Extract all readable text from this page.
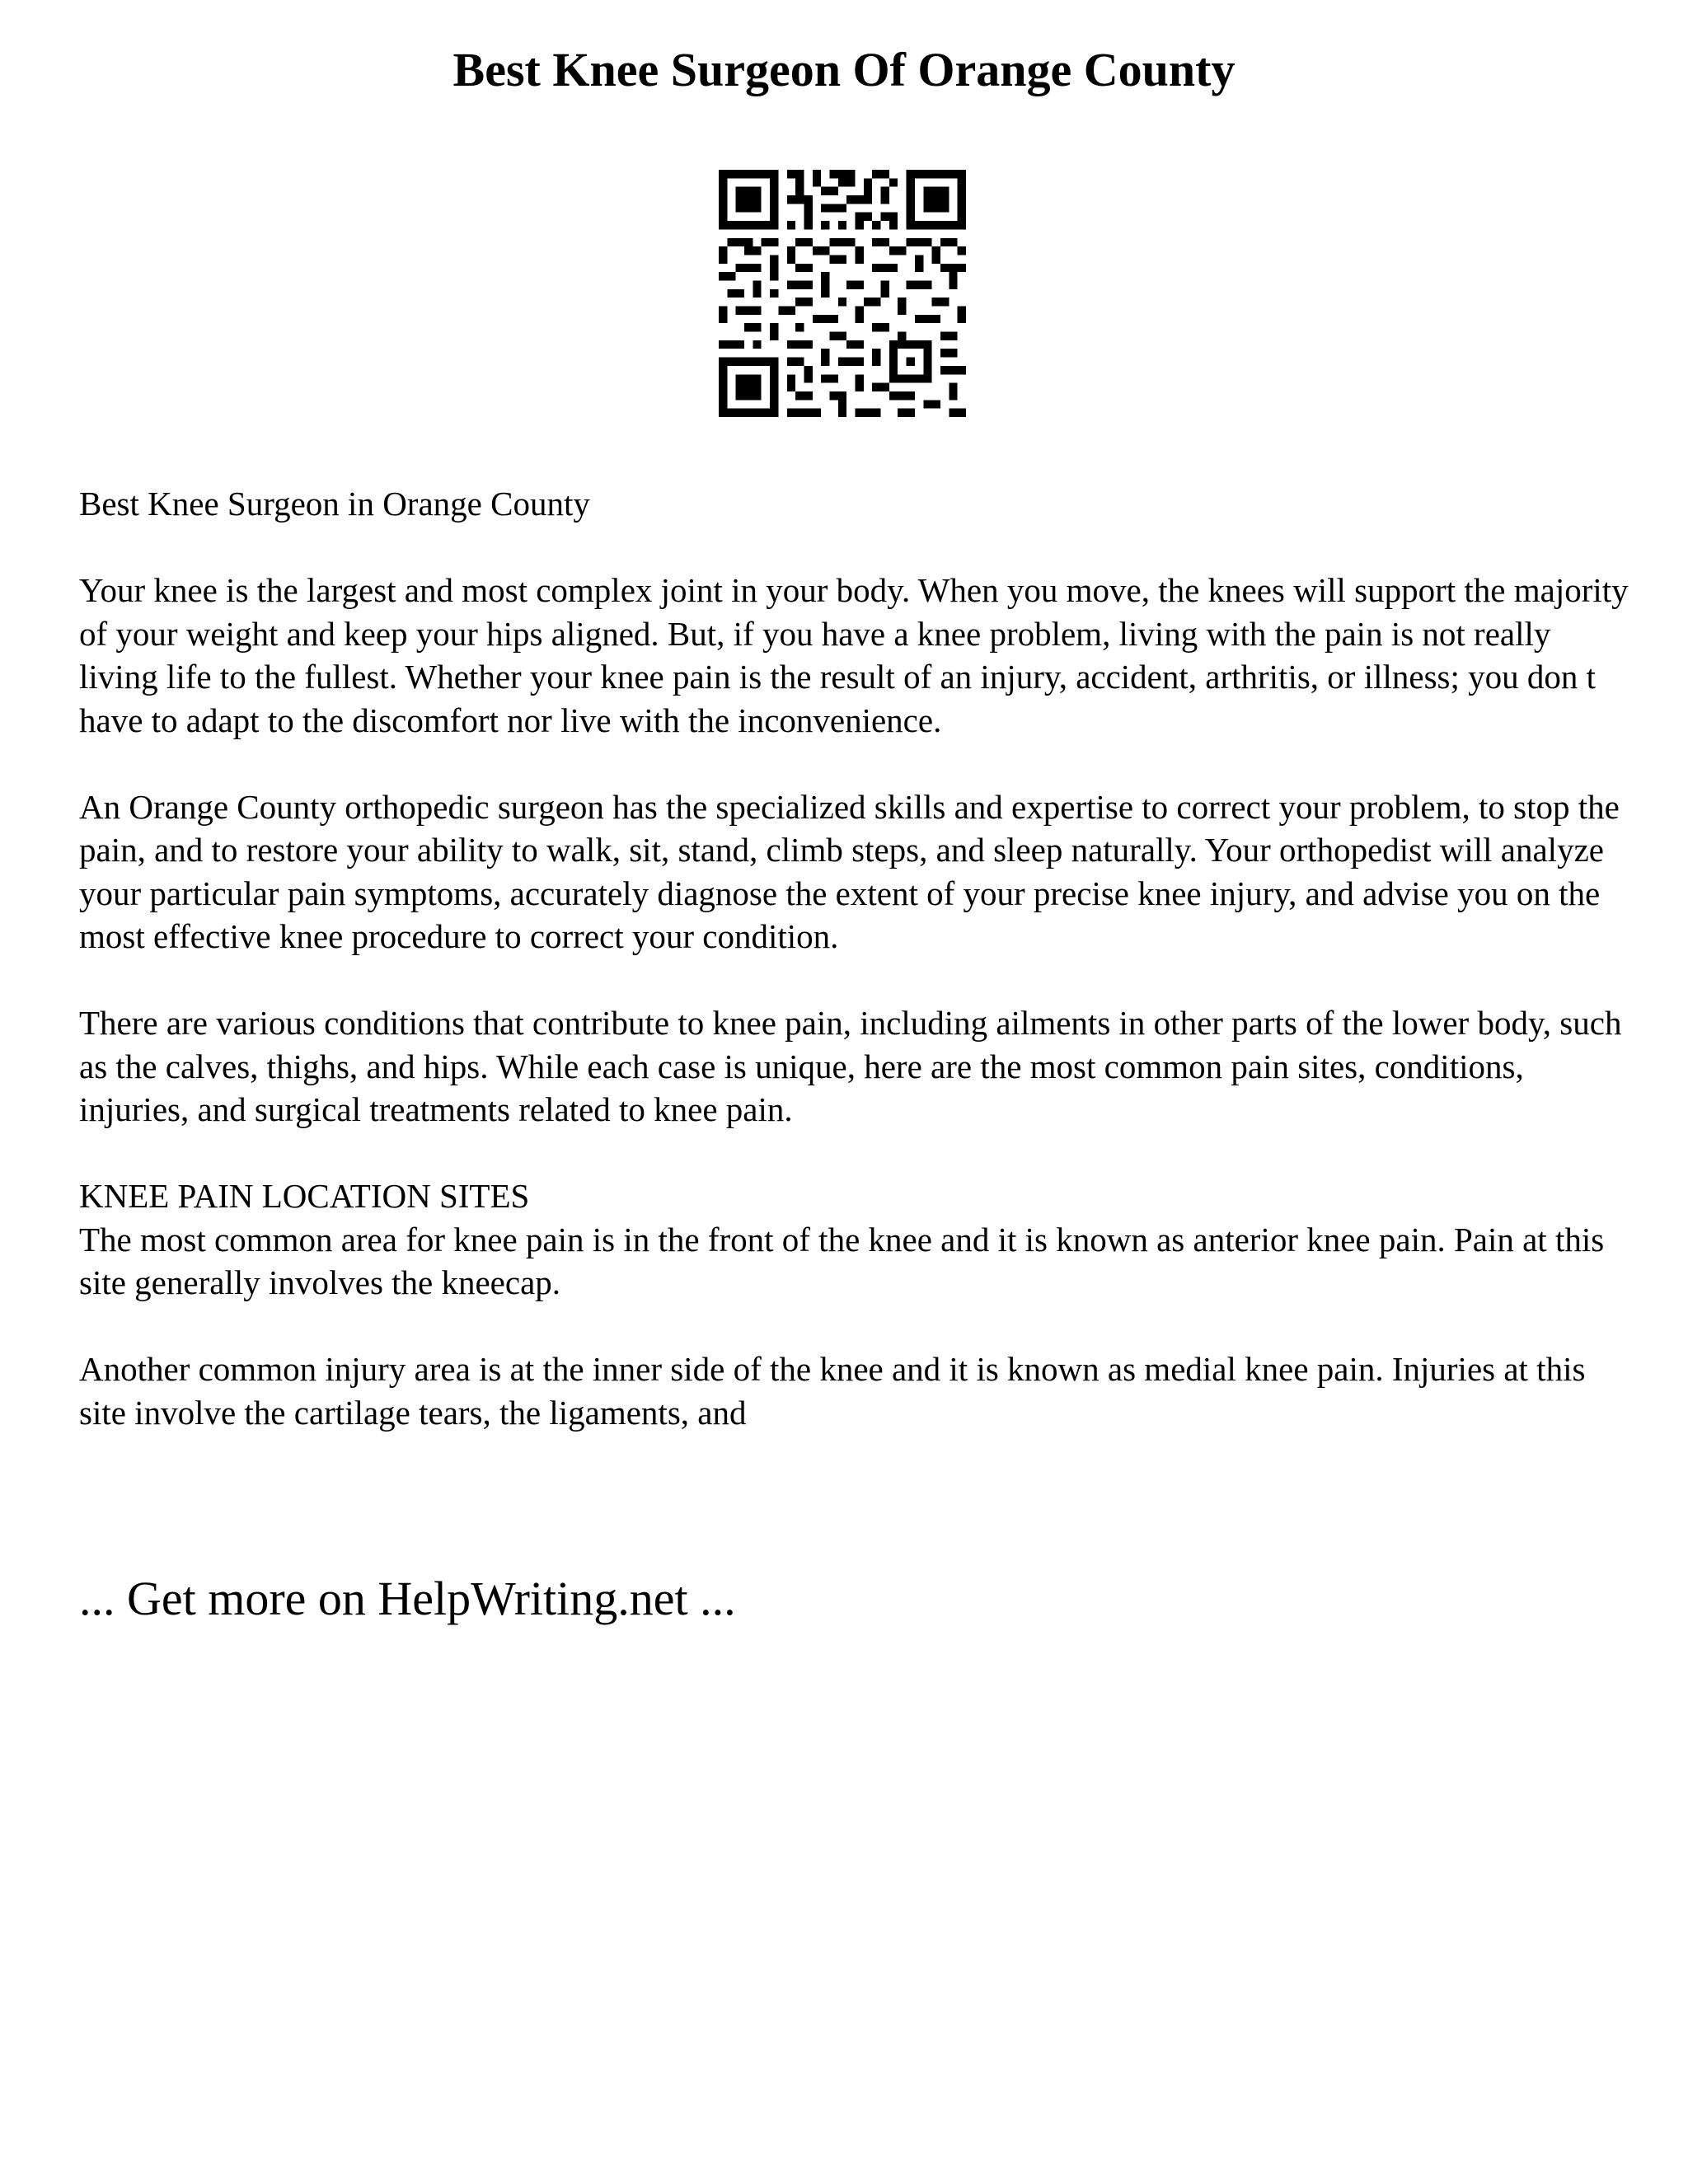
Best Knee Surgeon Of Orange County

Best Knee Surgeon in Orange County

Your knee is the largest and most complex joint in your body. When you move, the knees will support the majority of your weight and keep your hips aligned. But, if you have a knee problem, living with the pain is not really living life to the fullest. Whether your knee pain is the result of an injury, accident, arthritis, or illness; you don t have to adapt to the discomfort nor live with the inconvenience.

An Orange County orthopedic surgeon has the specialized skills and expertise to correct your problem, to stop the pain, and to restore your ability to walk, sit, stand, climb steps, and sleep naturally. Your orthopedist will analyze your particular pain symptoms, accurately diagnose the extent of your precise knee injury, and advise you on the most effective knee procedure to correct your condition.

There are various conditions that contribute to knee pain, including ailments in other parts of the lower body, such as the calves, thighs, and hips. While each case is unique, here are the most common pain sites, conditions, injuries, and surgical treatments related to knee pain.

KNEE PAIN LOCATION SITES

The most common area for knee pain is in the front of the knee and it is known as anterior knee pain. Pain at this site generally involves the kneecap.

Another common injury area is at the inner side of the knee and it is known as medial knee pain. Injuries at this site involve the cartilage tears, the ligaments, and

... Get more on HelpWriting.net ...
